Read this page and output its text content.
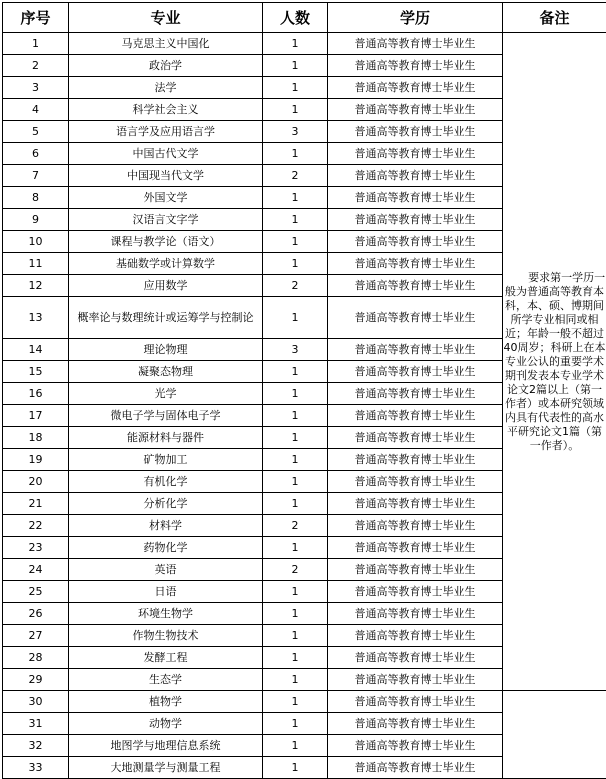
序号	专业	人数	学历	备注
1	马克思主义中国化	1	普通高等教育博士毕业生	要求第一学历一般为普通高等教育本科，本、硕、博期间所学专业相同或相近；年龄一般不超过40周岁；科研上在本专业公认的重要学术期刊发表本专业学术论文2篇以上（第一作者）或本研究领域内具有代表性的高水平研究论文1篇（第一作者）。

2	政治学	1	普通高等教育博士毕业生	
3	法学	1	普通高等教育博士毕业生	
4	科学社会主义	1	普通高等教育博士毕业生	
5	语言学及应用语言学	3	普通高等教育博士毕业生	
6	中国古代文学	1	普通高等教育博士毕业生	
7	中国现当代文学	2	普通高等教育博士毕业生	
8	外国文学	1	普通高等教育博士毕业生	
9	汉语言文字学	1	普通高等教育博士毕业生	
10	课程与教学论（语文）	1	普通高等教育博士毕业生	
11	基础数学或计算数学	1	普通高等教育博士毕业生	
12	应用数学	2	普通高等教育博士毕业生	
13	概率论与数理统计或运筹学与控制论	1	普通高等教育博士毕业生	
14	理论物理	3	普通高等教育博士毕业生	
15	凝聚态物理	1	普通高等教育博士毕业生	
16	光学	1	普通高等教育博士毕业生	
17	微电子学与固体电子学	1	普通高等教育博士毕业生	
18	能源材料与器件	1	普通高等教育博士毕业生	
19	矿物加工	1	普通高等教育博士毕业生	
20	有机化学	1	普通高等教育博士毕业生	
21	分析化学	1	普通高等教育博士毕业生	
22	材料学	2	普通高等教育博士毕业生	
23	药物化学	1	普通高等教育博士毕业生	
24	英语	2	普通高等教育博士毕业生	
25	日语	1	普通高等教育博士毕业生	
26	环境生物学	1	普通高等教育博士毕业生	
27	作物生物技术	1	普通高等教育博士毕业生	
28	发酵工程	1	普通高等教育博士毕业生	
29	生态学	1	普通高等教育博士毕业生	
30	植物学	1	普通高等教育博士毕业生	
31	动物学	1	普通高等教育博士毕业生	
32	地图学与地理信息系统	1	普通高等教育博士毕业生	
33	大地测量学与测量工程	1	普通高等教育博士毕业生	
